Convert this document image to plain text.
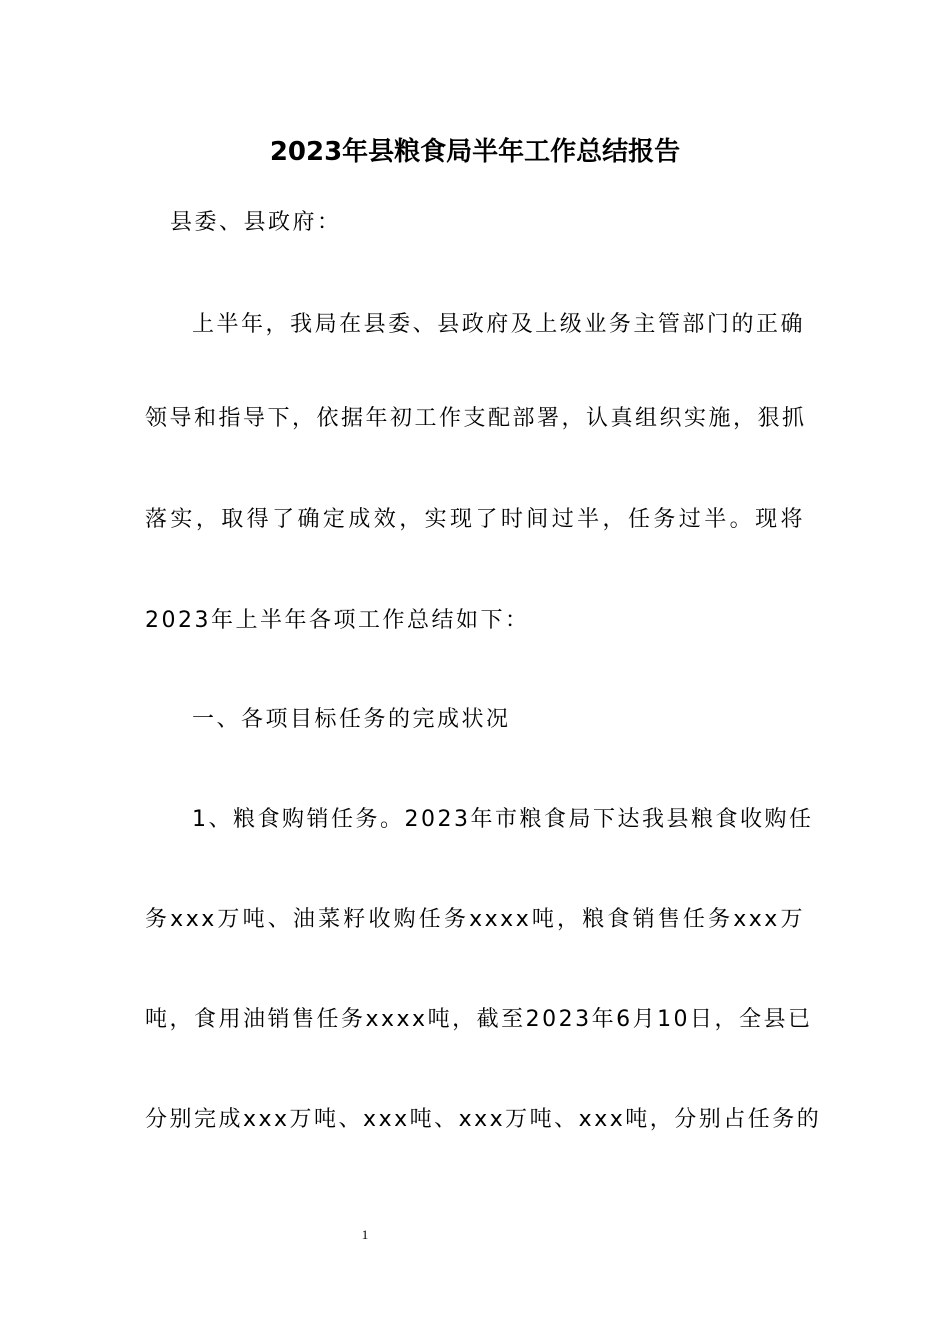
2023年县粮食局半年工作总结报告
县委、县政府：
上半年，我局在县委、县政府及上级业务主管部门的正确
领导和指导下，依据年初工作支配部署，认真组织实施，狠抓
落实，取得了确定成效，实现了时间过半，任务过半。现将
2023年上半年各项工作总结如下：
一、各项目标任务的完成状况
1、粮食购销任务。2023年市粮食局下达我县粮食收购任
务xxx万吨、油菜籽收购任务xxxx吨，粮食销售任务xxx万
吨，食用油销售任务xxxx吨，截至2023年6月10日，全县已
分别完成xxx万吨、xxx吨、xxx万吨、xxx吨，分别占任务的
1
